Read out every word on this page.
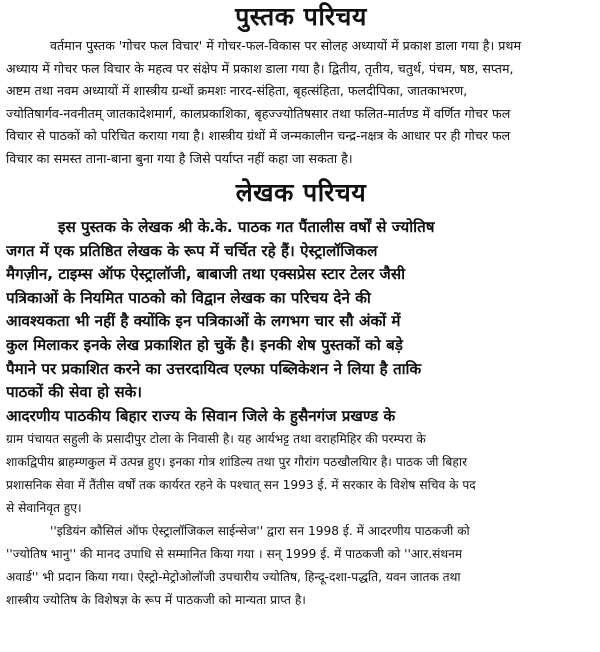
पुस्तक परिचय

वर्तमान पुस्तक 'गोचर फल विचार' में गोचर-फल-विकास पर सोलह अध्यायों में प्रकाश डाला गया है। प्रथम
अध्याय में गोचर फल विचार के महत्व पर संक्षेप में प्रकाश डाला गया है। द्वितीय, तृतीय, चतुर्थ, पंचम, षष्ठ, सप्तम,
अष्टम तथा नवम अध्यायों में शास्त्रीय ग्रन्थों क्रमशः नारद-संहिता, बृहत्संहिता, फलदीपिका, जातकाभरण,
ज्योतिषार्गव-नवनीतम् जातकादेशमार्ग, कालप्रकाशिका, बृहज्ज्योतिषसार तथा फलित-मार्तण्ड में वर्णित गोचर फल
विचार से पाठकों को परिचित कराया गया है। शास्त्रीय ग्रंथों में जन्मकालीन चन्द्र-नक्षत्र के आधार पर ही गोचर फल
विचार का समस्त ताना-बाना बुना गया है जिसे पर्याप्त नहीं कहा जा सकता है।

लेखक परिचय

इस पुस्तक के लेखक श्री के.के. पाठक गत पैंतालीस वर्षों से ज्योतिष
जगत में एक प्रतिष्ठित लेखक के रूप में चर्चित रहे हैं। ऐस्ट्रालॉजिकल
मैगज़ीन, टाइम्स ऑफ ऐस्ट्रालॉजी, बाबाजी तथा एक्सप्रेस स्टार टेलर जैसी
पत्रिकाओं के नियमित पाठको को विद्वान लेखक का परिचय देने की
आवश्यकता भी नहीं है क्योंकि इन पत्रिकाओं के लगभग चार सौ अंकों में
कुल मिलाकर इनके लेख प्रकाशित हो चुकें है। इनकी शेष पुस्तकों को बड़े
पैमाने पर प्रकाशित करने का उत्तरदायित्व एल्फा पब्लिकेशन ने लिया है ताकि
पाठकों की सेवा हो सके।

आदरणीय पाठकीय बिहार राज्य के सिवान जिले के हुसैनगंज प्रखण्ड के

ग्राम पंचायत सहुली के प्रसादीपुर टोला के निवासी है। यह आर्यभट्ट तथा वराहमिहिर की परम्परा के
शाकद्विपीय ब्राहम्णकुल में उत्पन्न हुए। इनका गोत्र शांडिल्य तथा पुर गौरांग पठखौलयिार है। पाठक जी बिहार
प्रशासनिक सेवा में तैंतीस वर्षों तक कार्यरत रहने के पश्चात् सन 1993 ई. में सरकार के विशेष सचिव के पद
से सेवानिवृत हुए।

''इडियंन कौसिलं ऑफ ऐस्ट्रालॉजिकल साईन्सेज'' द्वारा सन 1998 ई. में आदरणीय पाठकजी को
''ज्योतिष भानु'' की मानद उपाधि से सम्मानित किया गया । सन् 1999 ई. में पाठकजी को ''आर.संथनम
अवार्ड'' भी प्रदान किया गया। ऐस्ट्रो-मेट्रोओलॉजी उपचारीय ज्योतिष, हिन्दू-दशा-पद्धति, यवन जातक तथा
शास्त्रीय ज्योतिष के विशेषज्ञ के रूप में पाठकजी को मान्यता प्राप्त है।
